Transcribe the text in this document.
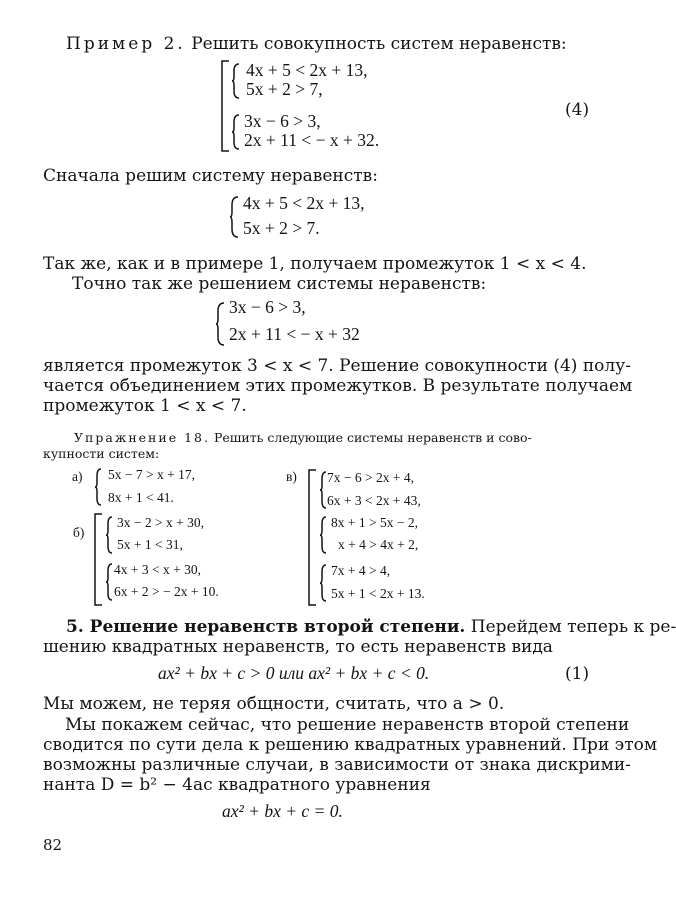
Пример 2. Решить совокупность систем неравенств:
4x + 5 < 2x + 13,
5x + 2 > 7,
3x − 6 > 3,
2x + 11 < − x + 32.
(4)
Сначала решим систему неравенств:
4x + 5 < 2x + 13,
5x + 2 > 7.
Так же, как и в примере 1, получаем промежуток 1 < x < 4.
Точно так же решением системы неравенств:
3x − 6 > 3,
2x + 11 < − x + 32
является промежуток 3 < x < 7. Решение совокупности (4) полу-
чается объединением этих промежутков. В результате получаем
промежуток 1 < x < 7.
Упражнение 18. Решить следующие системы неравенств и сово-
купности систем:
а) 5x − 7 > x + 17,
8x + 1 < 41.
б)
3x − 2 > x + 30,
5x + 1 < 31,
4x + 3 < x + 30,
6x + 2 > − 2x + 10.
в) 7x − 6 > 2x + 4,
6x + 3 < 2x + 43,
8x + 1 > 5x − 2,
x + 4 > 4x + 2,
7x + 4 > 4,
5x + 1 < 2x + 13.
5. Решение неравенств второй степени. Перейдем теперь к ре-
шению квадратных неравенств, то есть неравенств вида
ax² + bx + c > 0 или ax² + bx + c < 0.	(1)
Мы можем, не теряя общности, считать, что a > 0.
Мы покажем сейчас, что решение неравенств второй степени
сводится по сути дела к решению квадратных уравнений. При этом
возможны различные случаи, в зависимости от знака дискрими-
нанта D = b² − 4ac квадратного уравнения
ax² + bx + c = 0.
82
